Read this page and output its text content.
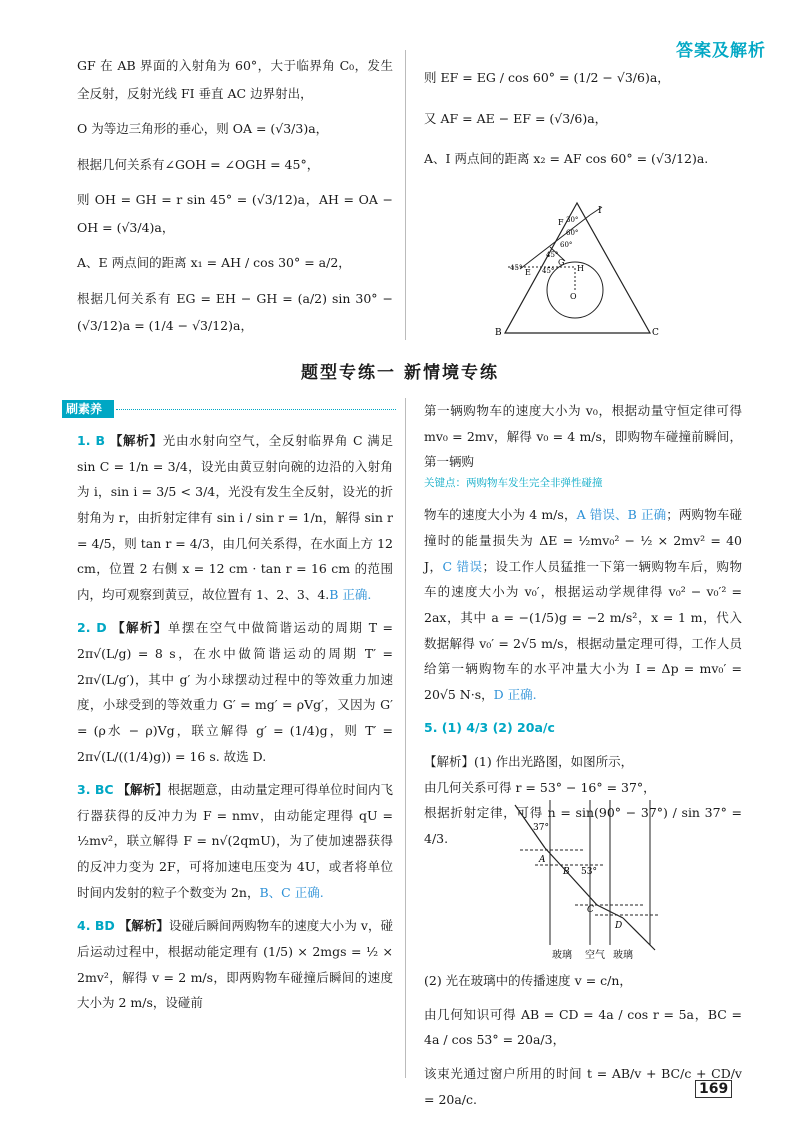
答案及解析

GF 在 AB 界面的入射角为 60°，大于临界角 C₀，发生全反射，反射光线 FI 垂直 AC 边界射出，

O 为等边三角形的垂心，则 OA = (√3/3)a，

根据几何关系有∠GOH = ∠OGH = 45°，

则 OH = GH = r sin 45° = (√3/12)a，AH = OA − OH = (√3/4)a，

A、E 两点间的距离 x₁ = AH / cos 30° = a/2，

根据几何关系有 EG = EH − GH = (a/2) sin 30° − (√3/12)a = (1/4 − √3/12)a，

则 EF = EG / cos 60° = (1/2 − √3/6)a，

又 AF = AE − EF = (√3/6)a，

A、I 两点间的距离 x₂ = AF cos 60° = (√3/12)a.

I
F
E
G
H
O
B	C
30°
60°
60°
45°
45°	45°
题型专练一 新情境专练
刷素养

1. B 【解析】光由水射向空气，全反射临界角 C 满足 sin C = 1/n = 3/4，设光由黄豆射向碗的边沿的入射角为 i，sin i = 3/5 < 3/4，光没有发生全反射，设光的折射角为 r，由折射定律有 sin i / sin r = 1/n，解得 sin r = 4/5，则 tan r = 4/3，由几何关系得，在水面上方 12 cm，位置 2 右侧 x = 12 cm · tan r = 16 cm 的范围内，均可观察到黄豆，故位置有 1、2、3、4.B 正确.

2. D 【解析】单摆在空气中做简谐运动的周期 T = 2π√(L/g) = 8 s，在水中做简谐运动的周期 T′ = 2π√(L/g′)，其中 g′ 为小球摆动过程中的等效重力加速度，小球受到的等效重力 G′ = mg′ = ρVg′，又因为 G′ = (ρ水 − ρ)Vg，联立解得 g′ = (1/4)g，则 T′ = 2π√(L/((1/4)g)) = 16 s. 故选 D.

3. BC 【解析】根据题意，由动量定理可得单位时间内飞行器获得的反冲力为 F = nmv，由动能定理得 qU = ½mv²，联立解得 F = n√(2qmU)，为了使加速器获得的反冲力变为 2F，可将加速电压变为 4U，或者将单位时间内发射的粒子个数变为 2n，B、C 正确.

4. BD 【解析】设碰后瞬间两购物车的速度大小为 v，碰后运动过程中，根据动能定理有 (1/5) × 2mgs = ½ × 2mv²，解得 v = 2 m/s，即两购物车碰撞后瞬间的速度大小为 2 m/s，设碰前

第一辆购物车的速度大小为 v₀，根据动量守恒定律可得 mv₀ = 2mv，解得 v₀ = 4 m/s，即购物车碰撞前瞬间，第一辆购

关键点：两购物车发生完全非弹性碰撞

物车的速度大小为 4 m/s，A 错误、B 正确；两购物车碰撞时的能量损失为 ΔE = ½mv₀² − ½ × 2mv² = 40 J，C 错误；设工作人员猛推一下第一辆购物车后，购物车的速度大小为 v₀′，根据运动学规律得 v₀² − v₀′² = 2ax，其中 a = −(1/5)g = −2 m/s²，x = 1 m，代入数据解得 v₀′ = 2√5 m/s，根据动量定理可得，工作人员给第一辆购物车的水平冲量大小为 I = Δp = mv₀′ = 20√5 N·s，D 正确.

5. (1) 4/3 (2) 20a/c

【解析】(1) 作出光路图，如图所示，

由几何关系可得 r = 53° − 16° = 37°，

根据折射定律，可得 n = sin(90° − 37°) / sin 37° = 4/3.

37°
A
B 53°
C
D
玻璃 空气 玻璃

(2) 光在玻璃中的传播速度 v = c/n，

由几何知识可得 AB = CD = 4a / cos r = 5a，BC = 4a / cos 53° = 20a/3，

该束光通过窗户所用的时间 t = AB/v + BC/c + CD/v = 20a/c.

169
